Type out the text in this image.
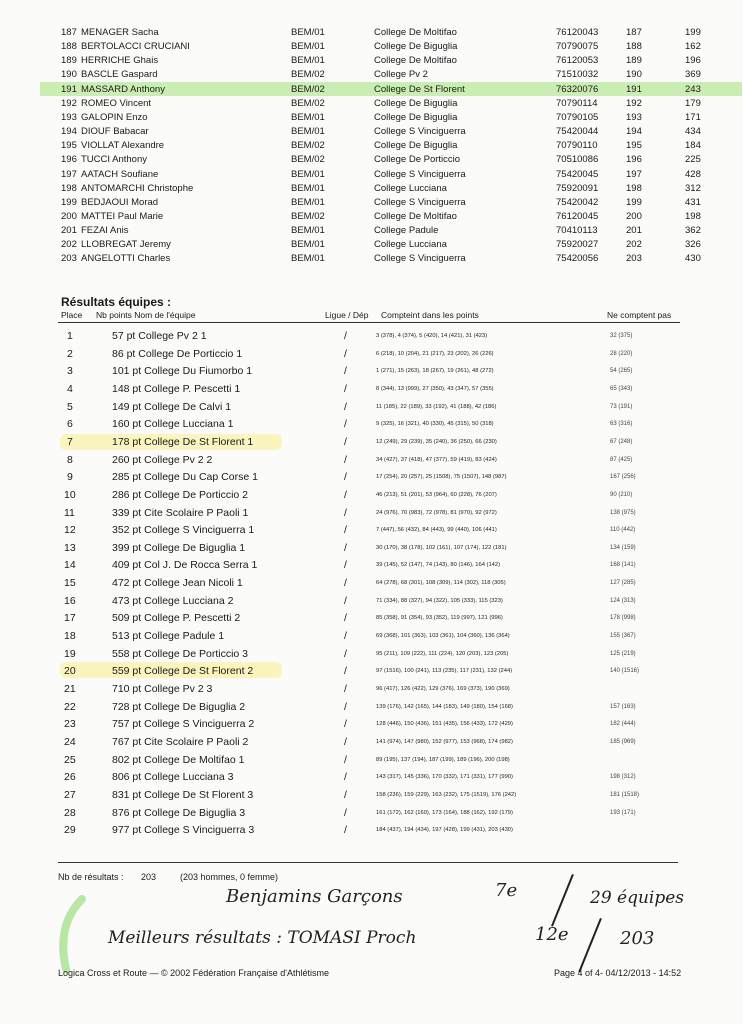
187 MENAGER Sacha	BEM/01	College De Moltifao	76120043	187	199
188 BERTOLACCI CRUCIANI	BEM/01	College De Biguglia	70790075	188	162
189 HERRICHE Ghais	BEM/01	College De Moltifao	76120053	189	196
190 BASCLE Gaspard	BEM/02	College Pv 2	71510032	190	369
191 MASSARD Anthony	BEM/02	College De St Florent	76320076	191	243
192 ROMEO Vincent	BEM/02	College De Biguglia	70790114	192	179
193 GALOPIN Enzo	BEM/01	College De Biguglia	70790105	193	171
194 DIOUF Babacar	BEM/01	College S Vinciguerra	75420044	194	434
195 VIOLLAT Alexandre	BEM/02	College De Biguglia	70790110	195	184
196 TUCCI Anthony	BEM/02	College De Porticcio	70510086	196	225
197 AATACH Soufiane	BEM/01	College S Vinciguerra	75420045	197	428
198 ANTOMARCHI Christophe	BEM/01	College Lucciana	75920091	198	312
199 BEDJAOUI Morad	BEM/01	College S Vinciguerra	75420042	199	431
200 MATTEI Paul Marie	BEM/02	College De Moltifao	76120045	200	198
201 FEZAI Anis	BEM/01	College Padule	70410113	201	362
202 LLOBREGAT Jeremy	BEM/01	College Lucciana	75920027	202	326
203 ANGELOTTI Charles	BEM/01	College S Vinciguerra	75420056	203	430
Résultats équipes :
Place Nb points Nom de l'équipe	Ligue / Dép Compteint dans les points	Ne comptent pas
1	57 pt College Pv 2 1	/	3 (378), 4 (374), 5 (420), 14 (421), 31 (423)	32 (375)
2	86 pt College De Porticcio 1	/	6 (218), 10 (204), 21 (217), 23 (202), 26 (226)	28 (220)
3	101 pt College Du Fiumorbo 1	/	1 (271), 15 (263), 18 (267), 19 (261), 48 (272)	54 (265)
4	148 pt College P. Pescetti 1	/	8 (344), 13 (999), 27 (350), 43 (347), 57 (355)	65 (343)
5	149 pt College De Calvi 1	/	11 (185), 22 (189), 33 (192), 41 (188), 42 (186)	73 (191)
6	160 pt College Lucciana 1	/	9 (325), 16 (321), 40 (330), 45 (315), 50 (318)	63 (316)
7	178 pt College De St Florent 1	/	12 (249), 29 (239), 35 (240), 36 (250), 66 (230)	67 (248)
8	260 pt College Pv 2 2	/	34 (427), 37 (418), 47 (377), 59 (419), 83 (424)	87 (425)
9	285 pt College Du Cap Corse 1	/	17 (254), 20 (257), 25 (1508), 75 (1507), 148 (987)	167 (256)
10	286 pt College De Porticcio 2	/	46 (213), 51 (201), 53 (964), 60 (228), 76 (207)	90 (210)
11	339 pt Cite Scolaire P Paoli 1	/	24 (976), 70 (983), 72 (978), 81 (970), 92 (972)	138 (975)
12	352 pt College S Vinciguerra 1	/	7 (447), 56 (432), 84 (443), 99 (440), 106 (441)	110 (442)
13	399 pt College De Biguglia 1	/	30 (170), 38 (178), 102 (161), 107 (174), 122 (181)	134 (159)
14	409 pt Col J. De Rocca Serra 1	/	39 (145), 52 (147), 74 (143), 80 (146), 164 (142)	168 (141)
15	472 pt College Jean Nicoli 1	/	64 (278), 68 (301), 108 (309), 114 (302), 118 (305)	127 (285)
16	473 pt College Lucciana 2	/	71 (334), 88 (327), 94 (322), 105 (333), 115 (323)	124 (313)
17	509 pt College P. Pescetti 2	/	85 (358), 91 (354), 93 (352), 119 (997), 121 (996)	178 (998)
18	513 pt College Padule 1	/	69 (368), 101 (363), 103 (361), 104 (360), 136 (364)	155 (367)
19	558 pt College De Porticcio 3	/	95 (211), 109 (222), 111 (224), 120 (203), 123 (205)	125 (219)
20	559 pt College De St Florent 2	/	97 (1516), 100 (241), 113 (235), 117 (231), 132 (244)	140 (1516)
21	710 pt College Pv 2 3	/	96 (417), 126 (422), 129 (376), 169 (373), 190 (369)
22	728 pt College De Biguglia 2	/	139 (176), 142 (165), 144 (183), 149 (180), 154 (168)	157 (163)
23	757 pt College S Vinciguerra 2	/	128 (446), 150 (436), 151 (435), 156 (433), 172 (429)	182 (444)
24	767 pt Cite Scolaire P Paoli 2	/	141 (974), 147 (980), 152 (977), 153 (968), 174 (982)	185 (969)
25	802 pt College De Moltifao 1	/	89 (195), 137 (194), 187 (199), 189 (196), 200 (198)
26	806 pt College Lucciana 3	/	143 (317), 145 (336), 170 (332), 171 (331), 177 (990)	198 (312)
27	831 pt College De St Florent 3	/	158 (236), 159 (229), 163 (232), 175 (1519), 176 (242)	181 (1518)
28	876 pt College De Biguglia 3	/	161 (172), 162 (160), 173 (164), 188 (162), 192 (179)	193 (171)
29	977 pt College S Vinciguerra 3	/	184 (437), 194 (434), 197 (428), 199 (431), 203 (430)
Nb de résultats : 203	(203 hommes, 0 femme)
Benjamins Garçons	7e	29 équipes
Meilleurs résultats : TOMASI Proch	12e	203
Logica Cross et Route — © 2002 Fédération Française d'Athlétisme	Page 4 of 4- 04/12/2013 - 14:52
